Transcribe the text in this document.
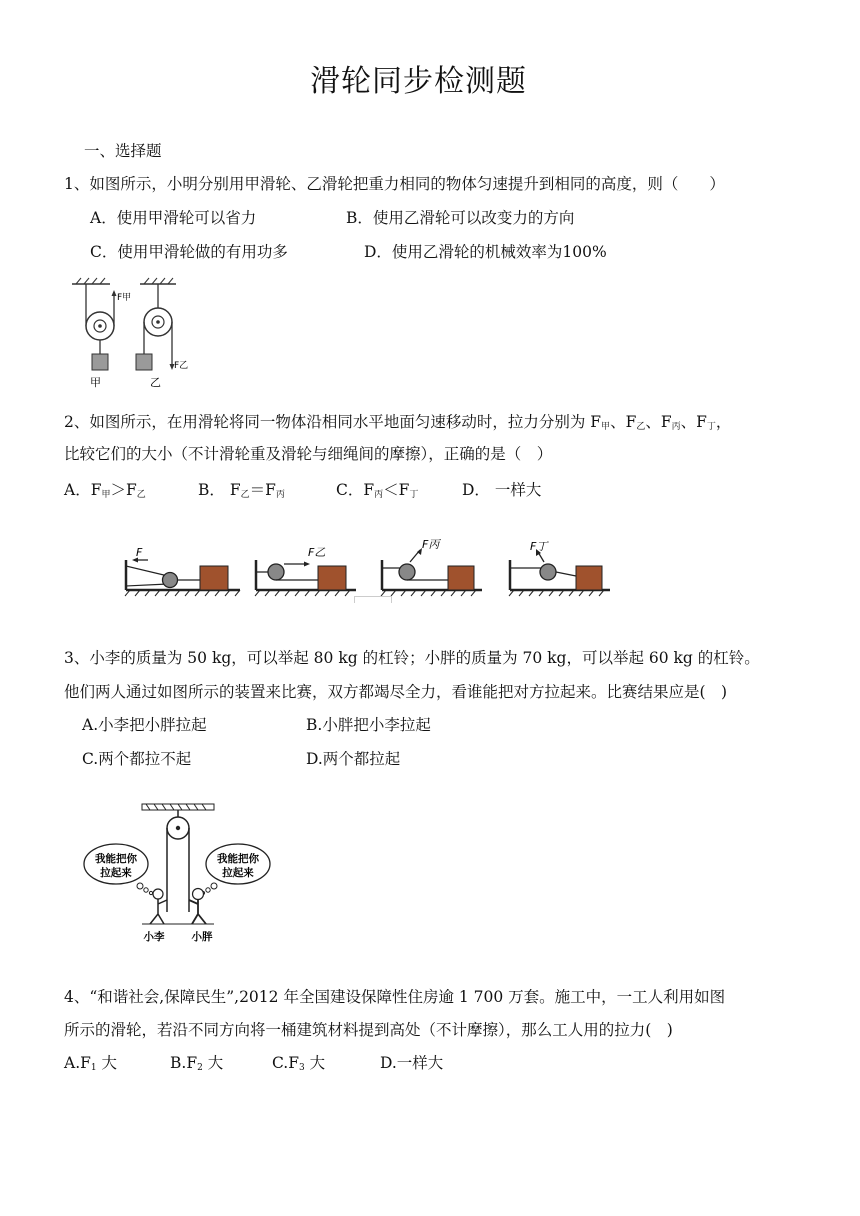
滑轮同步检测题
一、选择题
1、如图所示，小明分别用甲滑轮、乙滑轮把重力相同的物体匀速提升到相同的高度，则（　　）
A．使用甲滑轮可以省力	B．使用乙滑轮可以改变力的方向
C．使用甲滑轮做的有用功多	D．使用乙滑轮的机械效率为100%
F甲
甲
F乙
乙
2、如图所示，在用滑轮将同一物体沿相同水平地面匀速移动时，拉力分别为 $F_甲$、$F_乙$、$F_丙$、$F_丁$，
比较它们的大小（不计滑轮重及滑轮与细绳间的摩擦），正确的是（　）
A．$F_甲>F_乙$	B． $F_乙=F_丙$	C．$F_丙<F_丁$	D． 一样大
F	F乙
F丙	F丁
3、小李的质量为 50 kg，可以举起 80 kg 的杠铃；小胖的质量为 70 kg，可以举起 60 kg 的杠铃。
他们两人通过如图所示的装置来比赛，双方都竭尽全力，看谁能把对方拉起来。比赛结果应是(　)
A.小李把小胖拉起	B.小胖把小李拉起
C.两个都拉不起	D.两个都拉起
我能把你
拉起来
我能把你
拉起来
小李	小胖
4、“和谐社会,保障民生”,2012 年全国建设保障性住房逾 1 700 万套。施工中，一工人利用如图
所示的滑轮，若沿不同方向将一桶建筑材料提到高处（不计摩擦），那么工人用的拉力(　)
$A.F_1$ 大	$B.F_2$ 大	$C.F_3$ 大	D.一样大
